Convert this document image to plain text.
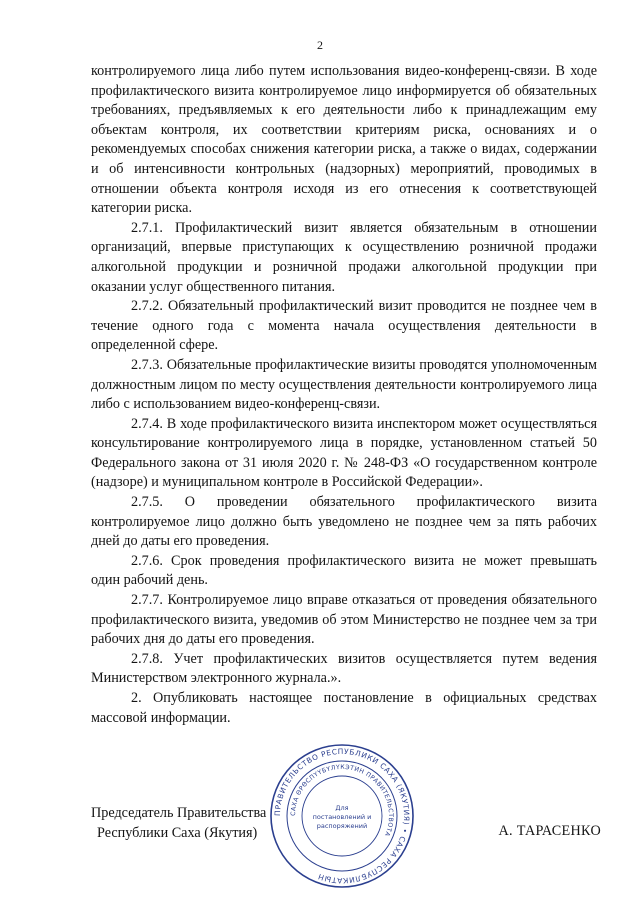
2

контролируемого лица либо путем использования видео-конференц-связи. В ходе профилактического визита контролируемое лицо информируется об обязательных требованиях, предъявляемых к его деятельности либо к принадлежащим ему объектам контроля, их соответствии критериям риска, основаниях и о рекомендуемых способах снижения категории риска, а также о видах, содержании и об интенсивности контрольных (надзорных) мероприятий, проводимых в отношении объекта контроля исходя из его отнесения к соответствующей категории риска.

2.7.1. Профилактический визит является обязательным в отношении организаций, впервые приступающих к осуществлению розничной продажи алкогольной продукции и розничной продажи алкогольной продукции при оказании услуг общественного питания.

2.7.2. Обязательный профилактический визит проводится не позднее чем в течение одного года с момента начала осуществления деятельности в определенной сфере.

2.7.3. Обязательные профилактические визиты проводятся уполномоченным должностным лицом по месту осуществления деятельности контролируемого лица либо с использованием видео-конференц-связи.

2.7.4. В ходе профилактического визита инспектором может осуществляться консультирование контролируемого лица в порядке, установленном статьей 50 Федерального закона от 31 июля 2020 г. № 248-ФЗ «О государственном контроле (надзоре) и муниципальном контроле в Российской Федерации».

2.7.5. О проведении обязательного профилактического визита контролируемое лицо должно быть уведомлено не позднее чем за пять рабочих дней до даты его проведения.

2.7.6. Срок проведения профилактического визита не может превышать один рабочий день.

2.7.7. Контролируемое лицо вправе отказаться от проведения обязательного профилактического визита, уведомив об этом Министерство не позднее чем за три рабочих дня до даты его проведения.

2.7.8. Учет профилактических визитов осуществляется путем ведения Министерством электронного журнала.».

2. Опубликовать настоящее постановление в официальных средствах массовой информации.

ПРАВИТЕЛЬСТВО РЕСПУБЛИКИ САХА (ЯКУТИЯ) • САХА РЕСПУБЛИКАТЫН
САХА ӨРӨСПҮҮБҮЛҮКЭТИН ПРАВИТЕЛЬСТВОТА
Для
постановлений и
распоряжений
Председатель Правительства
Республики Саха (Якутия)	А. ТАРАСЕНКО
